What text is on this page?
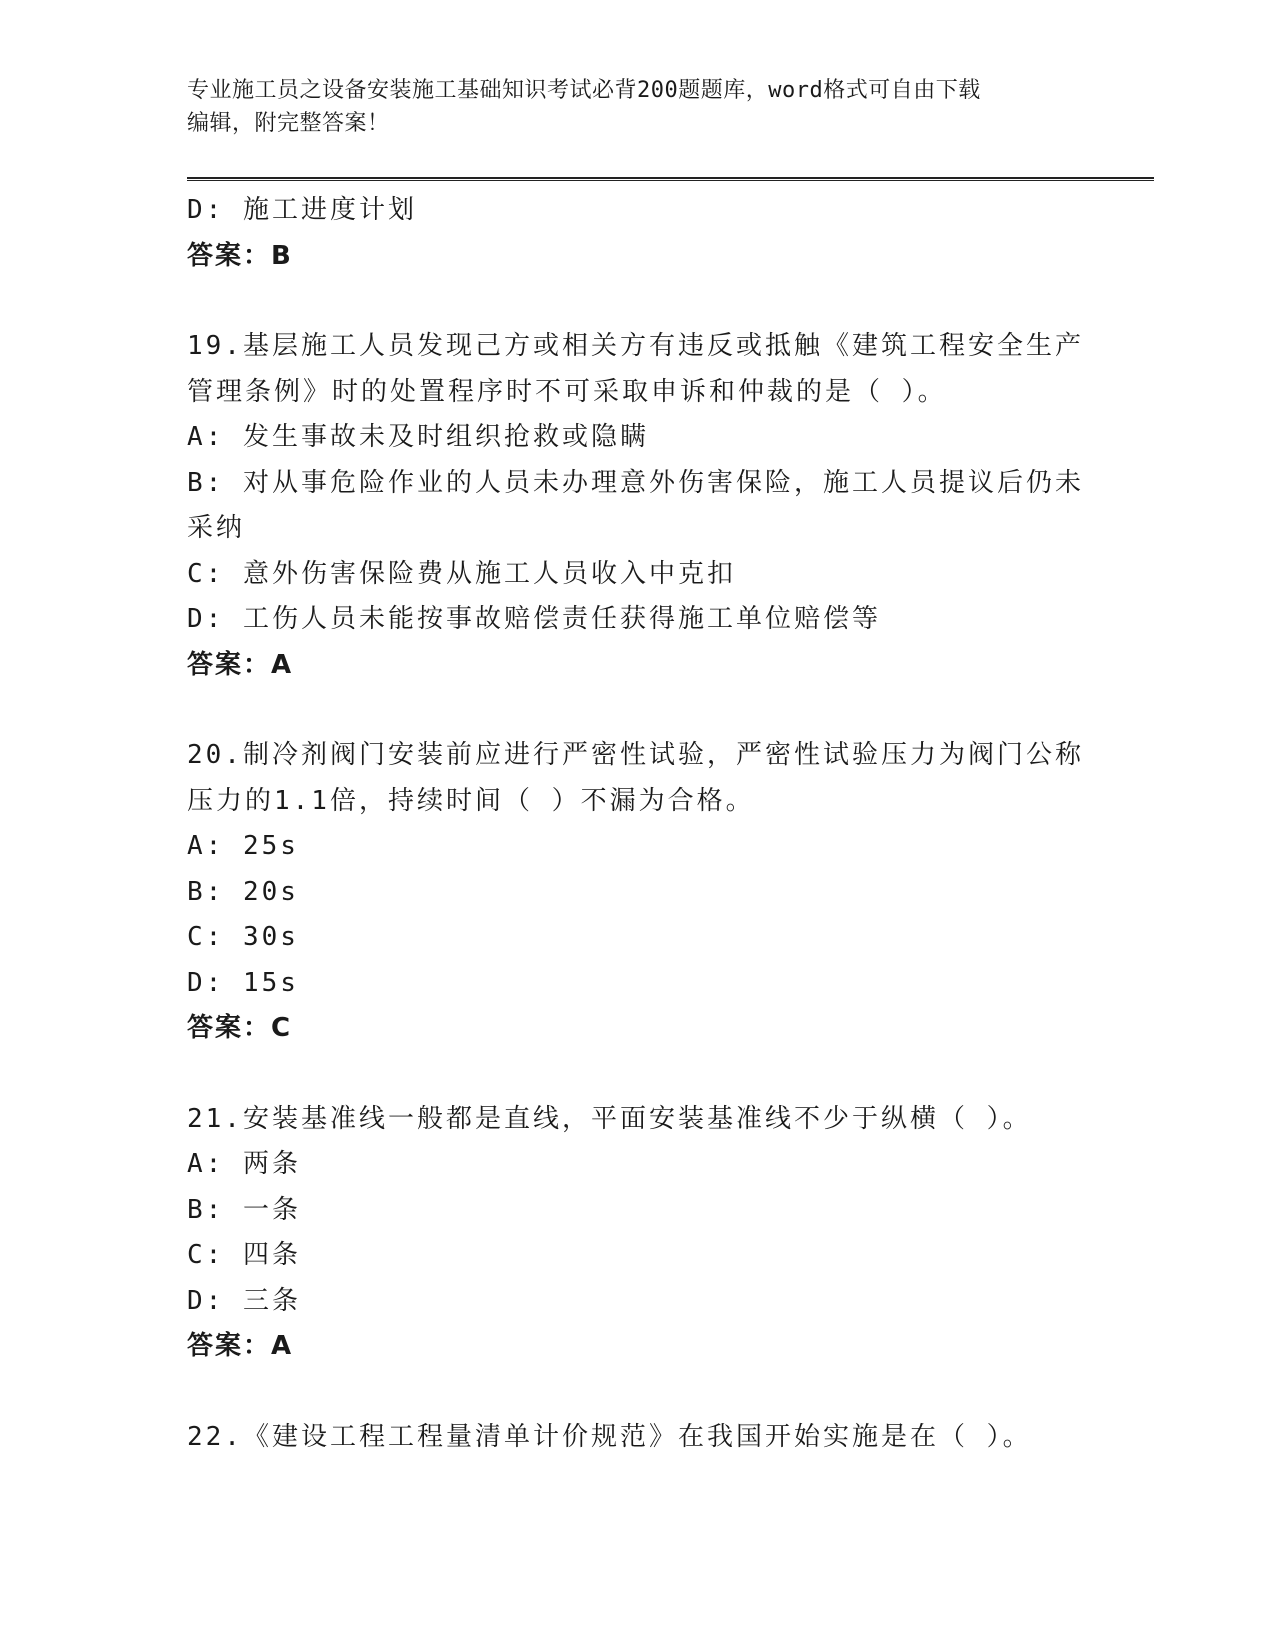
专业施工员之设备安装施工基础知识考试必背200题题库，word格式可自由下载
编辑，附完整答案！
D: 施工进度计划
答案：B
19.基层施工人员发现己方或相关方有违反或抵触《建筑工程安全生产
管理条例》时的处置程序时不可采取申诉和仲裁的是（ ）。
A: 发生事故未及时组织抢救或隐瞒
B: 对从事危险作业的人员未办理意外伤害保险，施工人员提议后仍未
采纳
C: 意外伤害保险费从施工人员收入中克扣
D: 工伤人员未能按事故赔偿责任获得施工单位赔偿等
答案：A
20.制冷剂阀门安装前应进行严密性试验，严密性试验压力为阀门公称
压力的1.1倍，持续时间（ ）不漏为合格。
A: 25s
B: 20s
C: 30s
D: 15s
答案：C
21.安装基准线一般都是直线，平面安装基准线不少于纵横（ ）。
A: 两条
B: 一条
C: 四条
D: 三条
答案：A
22.《建设工程工程量清单计价规范》在我国开始实施是在（ ）。
